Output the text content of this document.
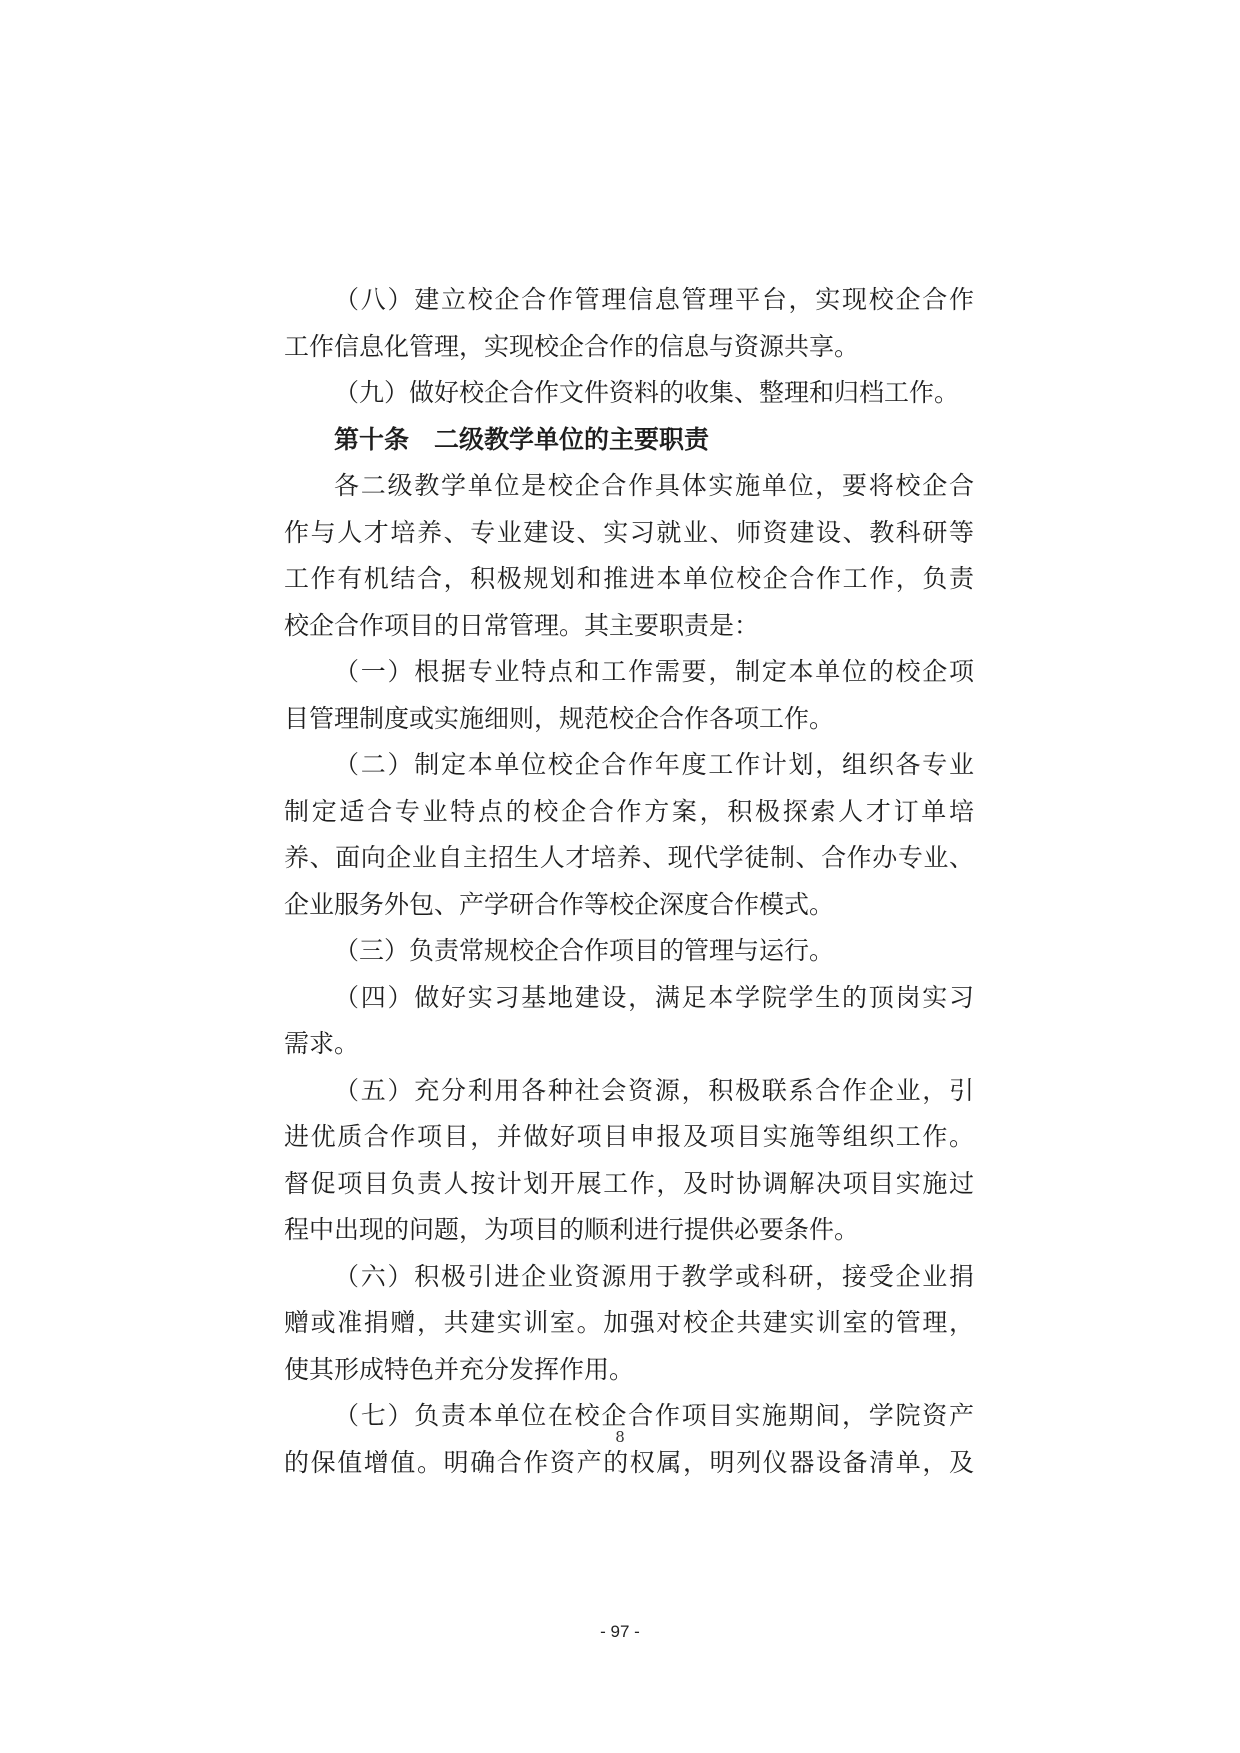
（八）建立校企合作管理信息管理平台，实现校企合作
工作信息化管理，实现校企合作的信息与资源共享。
（九）做好校企合作文件资料的收集、整理和归档工作。
第十条　二级教学单位的主要职责
各二级教学单位是校企合作具体实施单位，要将校企合
作与人才培养、专业建设、实习就业、师资建设、教科研等
工作有机结合，积极规划和推进本单位校企合作工作，负责
校企合作项目的日常管理。其主要职责是：
（一）根据专业特点和工作需要，制定本单位的校企项
目管理制度或实施细则，规范校企合作各项工作。
（二）制定本单位校企合作年度工作计划，组织各专业
制定适合专业特点的校企合作方案，积极探索人才订单培
养、面向企业自主招生人才培养、现代学徒制、合作办专业、
企业服务外包、产学研合作等校企深度合作模式。
（三）负责常规校企合作项目的管理与运行。
（四）做好实习基地建设，满足本学院学生的顶岗实习
需求。
（五）充分利用各种社会资源，积极联系合作企业，引
进优质合作项目，并做好项目申报及项目实施等组织工作。
督促项目负责人按计划开展工作，及时协调解决项目实施过
程中出现的问题，为项目的顺利进行提供必要条件。
（六）积极引进企业资源用于教学或科研，接受企业捐
赠或准捐赠，共建实训室。加强对校企共建实训室的管理，
使其形成特色并充分发挥作用。
（七）负责本单位在校企合作项目实施期间，学院资产
的保值增值。明确合作资产的权属，明列仪器设备清单，及
8
- 97 -
